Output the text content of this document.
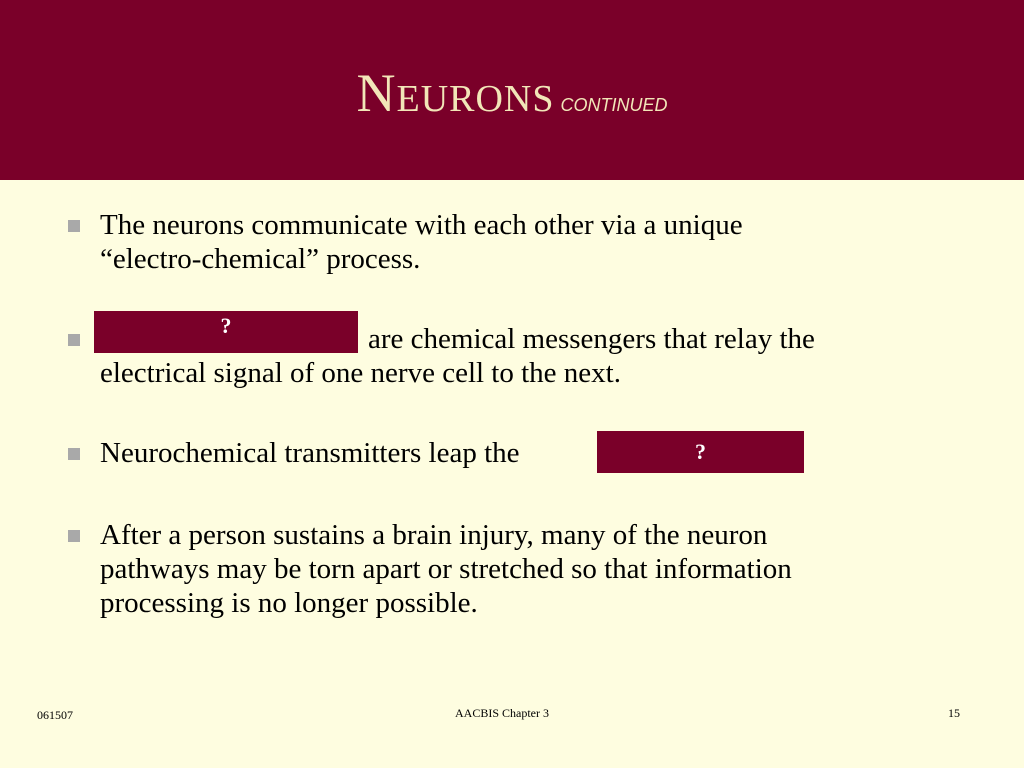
Neurons continued
The neurons communicate with each other via a unique
“electro-chemical” process.
?	are chemical messengers that relay the
electrical signal of one nerve cell to the next.
Neurochemical transmitters leap the	?
After a person sustains a brain injury, many of the neuron
pathways may be torn apart or stretched so that information
processing is no longer possible.
061507	AACBIS Chapter 3	15
